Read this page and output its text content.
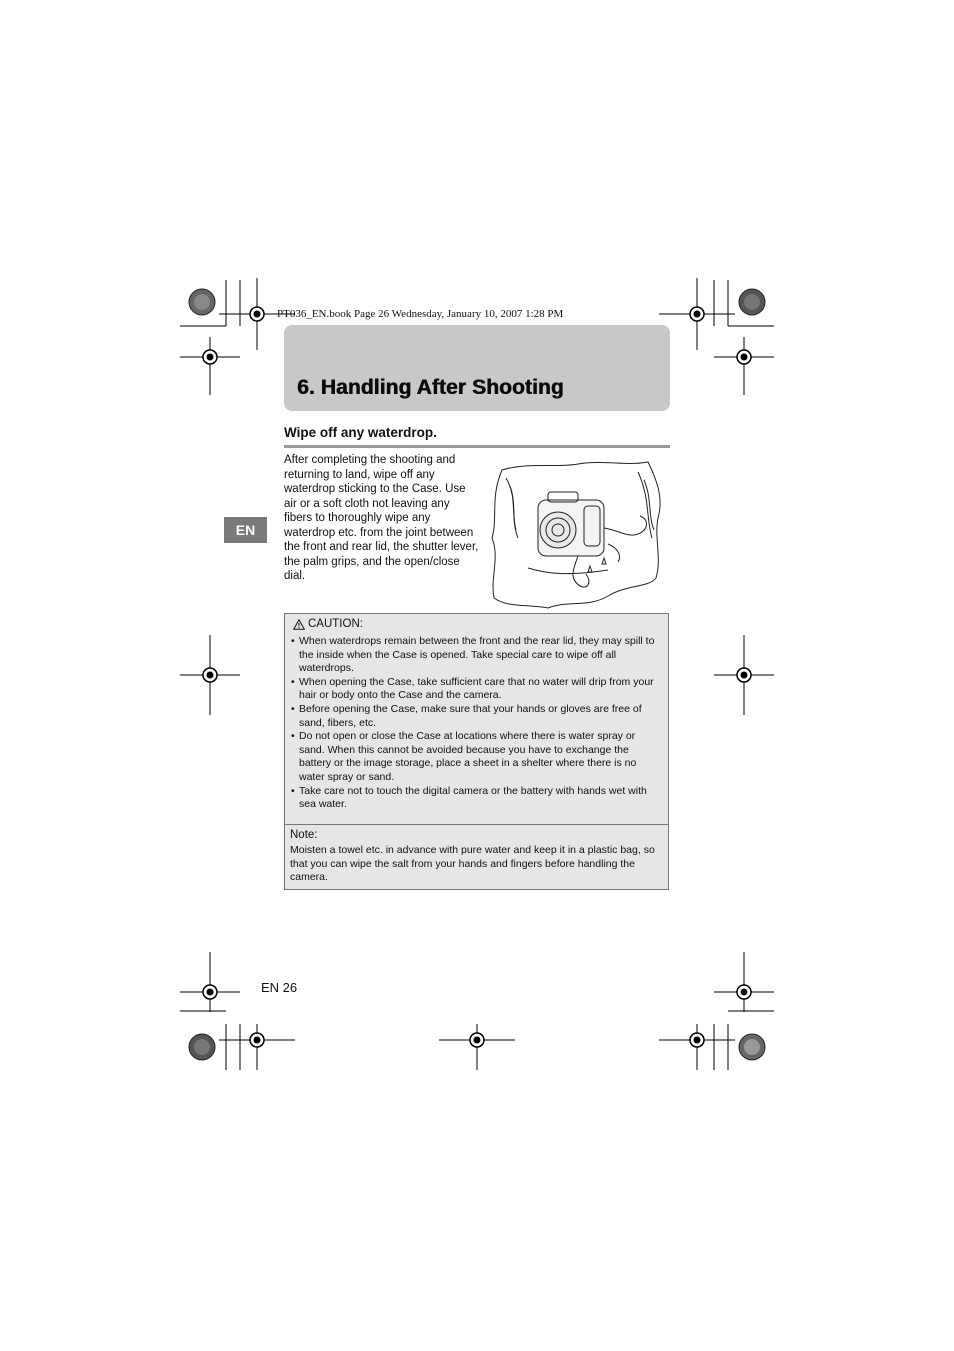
PT036_EN.book Page 26 Wednesday, January 10, 2007 1:28 PM
6. Handling After Shooting
Wipe off any waterdrop.
After completing the shooting and returning to land, wipe off any waterdrop sticking to the Case. Use air or a soft cloth not leaving any fibers to thoroughly wipe any waterdrop etc. from the joint between the front and rear lid, the shutter lever, the palm grips, and the open/close dial.
EN
CAUTION:
• When waterdrops remain between the front and the rear lid, they may spill to the inside when the Case is opened. Take special care to wipe off all waterdrops.
• When opening the Case, take sufficient care that no water will drip from your hair or body onto the Case and the camera.
• Before opening the Case, make sure that your hands or gloves are free of sand, fibers, etc.
• Do not open or close the Case at locations where there is water spray or sand. When this cannot be avoided because you have to exchange the battery or the image storage, place a sheet in a shelter where there is no water spray or sand.
• Take care not to touch the digital camera or the battery with hands wet with sea water.
Note:
Moisten a towel etc. in advance with pure water and keep it in a plastic bag, so that you can wipe the salt from your hands and fingers before handling the camera.
EN 26
